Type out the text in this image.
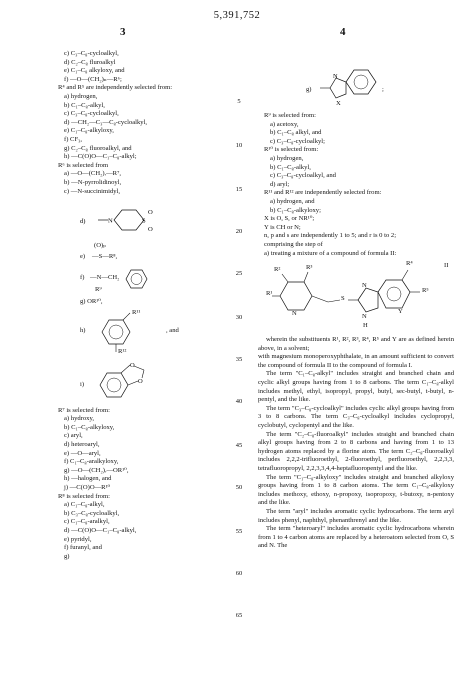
5,391,752
3	4
c) C₃–C₈-cycloalkyl,
d) C₂–C₈ fluroalkyl
e) C₁–C₈ alkyloxy, and
f) —O—(CH₂)ₙ—R⁶;
R⁴ and R⁵ are independently selected from:
a) hydrogen,
b) C₁–C₈-alkyl,
c) C₃–C₈-cycloalkyl,
d) —CH₂—C₃—C₈-cycloalkyl,
e) C₁–C₈-alkyloxy,
f) CF₃,
g) C₂–C₈ fluoroalkyl, and
h) —C(O)O—C₁–C₈-alkyl;
R⁶ is selected from
a) —O—(CH₂)ᵣ—R⁷,
b) —N-pyrrolidinoyl,
c) —N-succinimidyl,
d)	N	S
O
O
(O)ₚ
e) —S—R⁸,
f) —N—CH₂
R⁹
g) OR¹⁰,
h)
R¹¹
R¹²
, and
i)
O
O
R⁷ is selected from:
a) hydroxy,
b) C₁–C₈-alkyloxy,
c) aryl,
d) heteroaryl,
e) —O—aryl,
f) C₁–C₈-aralkyloxy,
g) —O—(CH₂)ᵣ—OR¹⁰,
h) —halogen, and
j) —C(O)O—R¹⁰
R⁸ is selected from:
a) C₁–C₈-alkyl,
b) C₃–C₈-cycloalkyl,
c) C₁–C₈-aralkyl,
d) —C(O)O—C₁–C₈-alkyl,
e) pyridyl,
f) furanyl, and
g)
5
10
15
20
25
30
35
40
45
50
55
60
65
g)
N
X
;
R⁹ is selected from:
a) acetoxy,
b) C₁–C₈ alkyl, and
c) C₃–C₈-cycloalkyl;
R¹⁰ is selected from:
a) hydrogen,
b) C₁–C₈-alkyl,
c) C₃–C₈-cycloalkyl, and
d) aryl;
R¹¹ and R¹² are independently selected from:
a) hydrogen, and
b) C₁–C₈-alkyloxy;
X is O, S, or NR¹⁰;
Y is CH or N;
n, p and s are independently 1 to 5; and r is 0 to 2;
comprising the step of
a) treating a mixture of a compound of formula II:
II
R¹
R²	R³
N
S
N
N
H
R⁴
R⁵
Y
wherein the substituents R¹, R², R³, R⁴, R⁵ and Y are as defined herein above, in a solvent;
with magnesium monoperoxyphthalate, in an amount sufficient to convert the compound of formula II to the compound of formula I.
The term "C₁–C₈-alkyl" includes straight and branched chain and cyclic alkyl groups having from 1 to 8 carbons. The term C₁–C₈-alkyl includes methyl, ethyl, isopropyl, propyl, butyl, sec-butyl, t-butyl, n-pentyl, and the like.
The term "C₃–C₈-cycloalkyl" includes cyclic alkyl groups having from 3 to 8 carbons. The term C₃–C₈-cycloalkyl includes cyclopropyl, cyclobutyl, cyclopentyl and the like.
The term "C₂–C₈-fluoroalkyl" includes straight and branched chain alkyl groups having from 2 to 8 carbons and having from 1 to 13 hydrogen atoms replaced by a florine atom. The term C₂–C₈-fluoroalkyl includes 2,2,2-trifluoroethyl, 2-fluoroethyl, perfluoroethyl, 2,2,3,3, tetrafluoropropyl, 2,2,3,3,4,4-heptafluoropentyl and the like.
The term "C₁–C₈-alkyloxy" includes straight and branched alkyloxy groups having from 1 to 8 carbon atoms. The term C₁–C₈-alkyloxy includes methoxy, ethoxy, n-propoxy, isopropoxy, t-butoxy, n-pentoxy and the like.
The term "aryl" includes aromatic cyclic hydrocarbons. The term aryl includes phenyl, naphthyl, phenanthrenyl and the like.
The term "heteroaryl" includes aromatic cyclic hydrocarbons wherein from 1 to 4 carbon atoms are replaced by a heteroatom selected from O, S and N. The
